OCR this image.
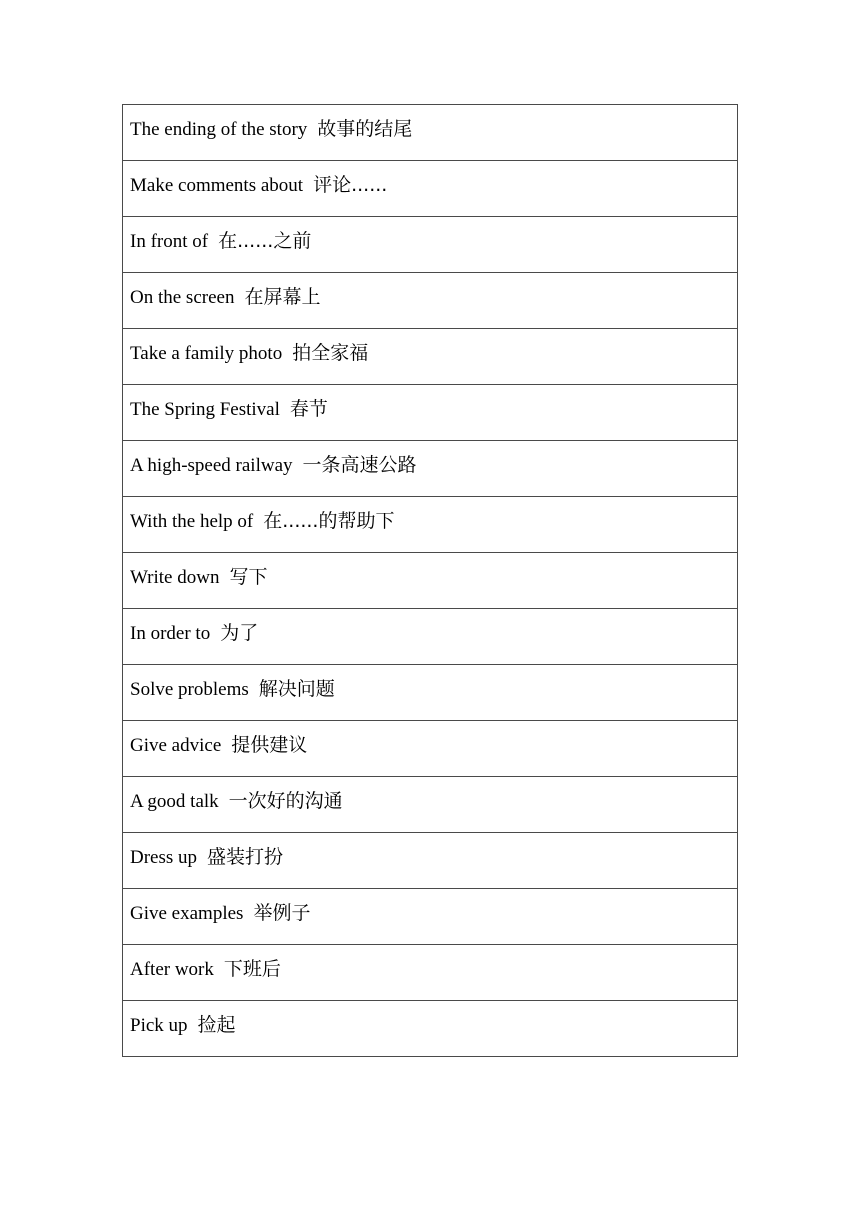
The ending of the story 故事的结尾

Make comments about 评论......

In front of 在......之前

On the screen 在屏幕上

Take a family photo 拍全家福

The Spring Festival 春节

A high-speed railway 一条高速公路

With the help of 在......的帮助下

Write down 写下

In order to 为了

Solve problems 解决问题

Give advice 提供建议

A good talk 一次好的沟通

Dress up 盛装打扮

Give examples 举例子

After work 下班后

Pick up 捡起
